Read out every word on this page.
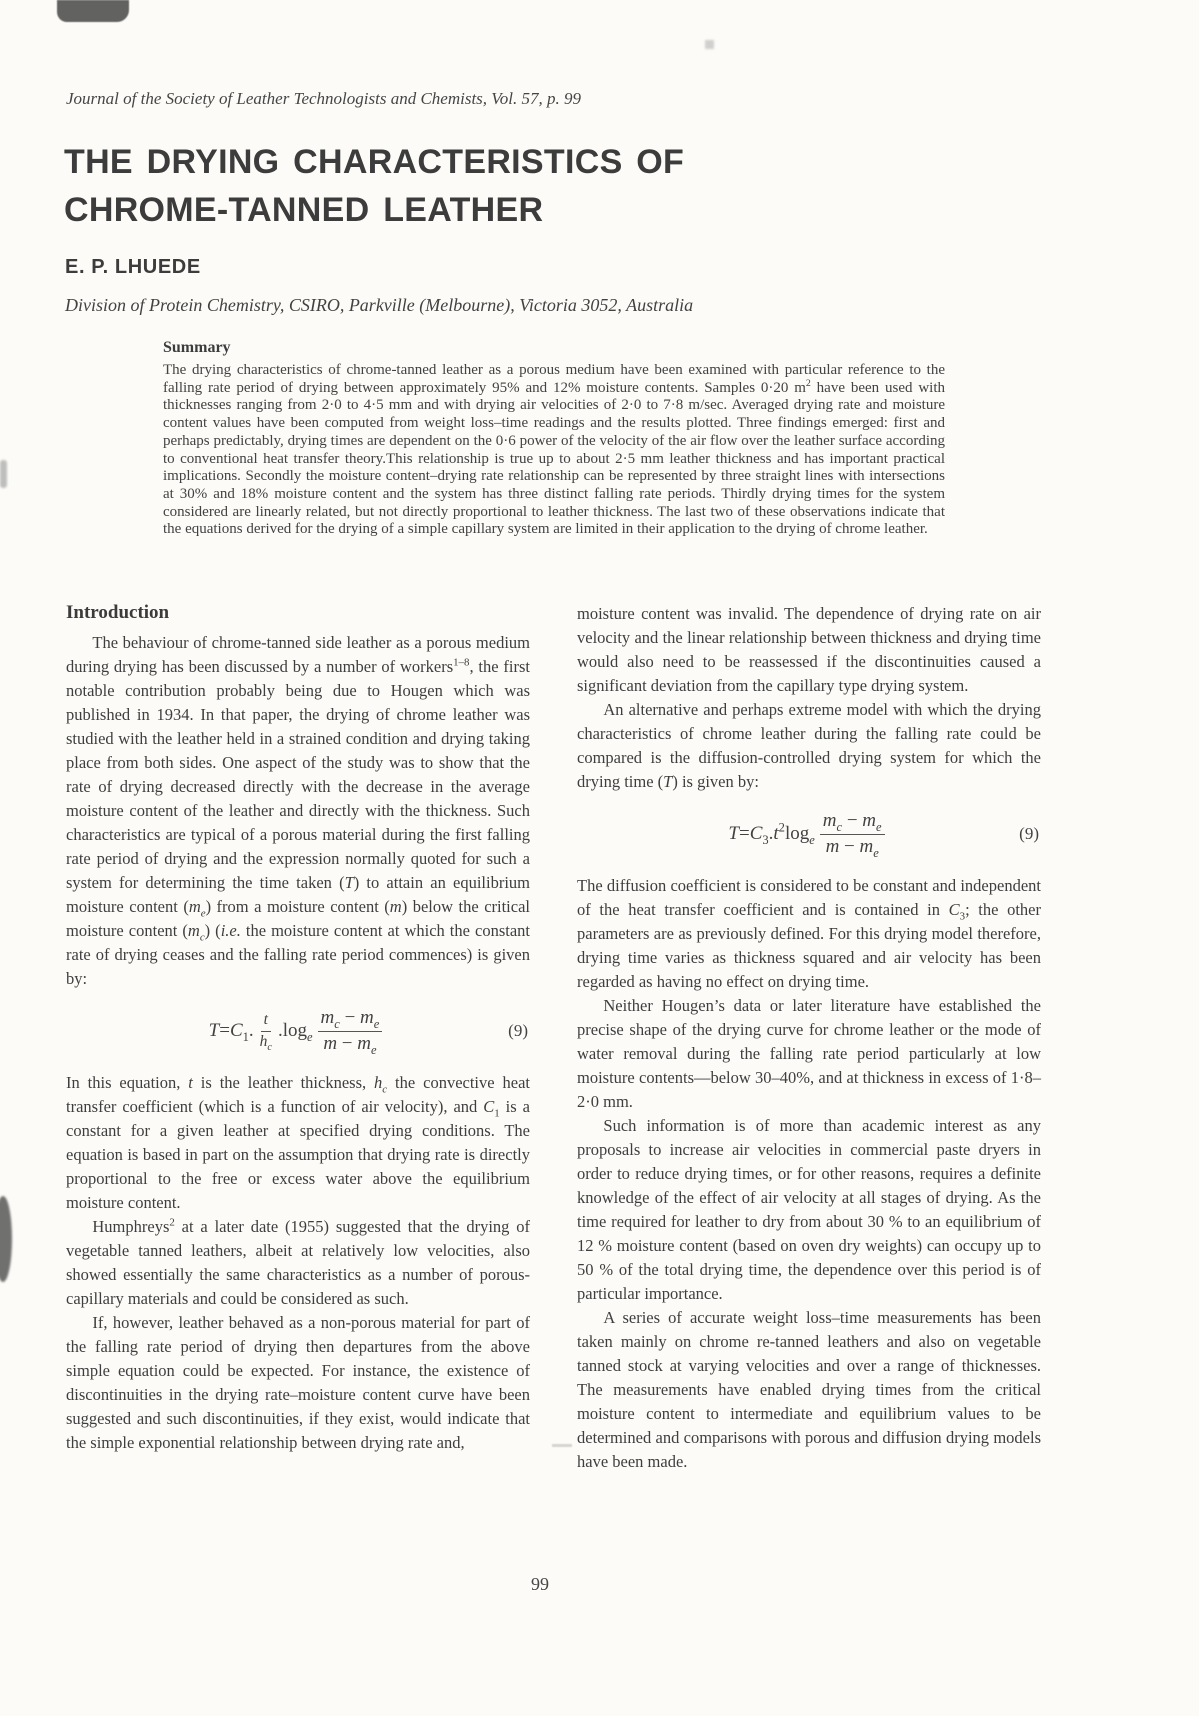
Journal of the Society of Leather Technologists and Chemists, Vol. 57, p. 99
THE DRYING CHARACTERISTICS OF
CHROME-TANNED LEATHER
E. P. LHUEDE
Division of Protein Chemistry, CSIRO, Parkville (Melbourne), Victoria 3052, Australia
Summary

The drying characteristics of chrome-tanned leather as a porous medium have been examined with particular reference to the falling rate period of drying between approximately 95% and 12% moisture contents. Samples 0·20 $m^2$ have been used with thicknesses ranging from 2·0 to 4·5 mm and with drying air velocities of 2·0 to 7·8 m/sec. Averaged drying rate and moisture content values have been computed from weight loss–time readings and the results plotted. Three findings emerged: first and perhaps predictably, drying times are dependent on the 0·6 power of the velocity of the air flow over the leather surface according to conventional heat transfer theory.This relationship is true up to about 2·5 mm leather thickness and has important practical implications. Secondly the moisture content–drying rate relationship can be represented by three straight lines with intersections at 30% and 18% moisture content and the system has three distinct falling rate periods. Thirdly drying times for the system considered are linearly related, but not directly proportional to leather thickness. The last two of these observations indicate that the equations derived for the drying of a simple capillary system are limited in their application to the drying of chrome leather.

Introduction

The behaviour of chrome-tanned side leather as a porous medium during drying has been discussed by a number of workers$^{1-8}$, the first notable contribution probably being due to Hougen which was published in 1934. In that paper, the drying of chrome leather was studied with the leather held in a strained condition and drying taking place from both sides. One aspect of the study was to show that the rate of drying decreased directly with the decrease in the average moisture content of the leather and directly with the thickness. Such characteristics are typical of a porous material during the first falling rate period of drying and the expression normally quoted for such a system for determining the time taken (T) to attain an equilibrium moisture content $(m_e)$ from a moisture content (m) below the critical moisture content $(m_c)$ (i.e. the moisture content at which the constant rate of drying ceases and the falling rate period commences) is given by:

$T=C_1$. $\frac{t}{h_c} .\log_e \frac{m_c - m_e}{m - m_e}$	(9)

In this equation, t is the leather thickness, $h_c$ the convective heat transfer coefficient (which is a function of air velocity), and $C_1$ is a constant for a given leather at specified drying conditions. The equation is based in part on the assumption that drying rate is directly proportional to the free or excess water above the equilibrium moisture content.

Humphreys$^2$ at a later date (1955) suggested that the drying of vegetable tanned leathers, albeit at relatively low velocities, also showed essentially the same characteristics as a number of porous-capillary materials and could be considered as such.

If, however, leather behaved as a non-porous material for part of the falling rate period of drying then departures from the above simple equation could be expected. For instance, the existence of discontinuities in the drying rate–moisture content curve have been suggested and such discontinuities, if they exist, would indicate that the simple exponential relationship between drying rate and,

moisture content was invalid. The dependence of drying rate on air velocity and the linear relationship between thickness and drying time would also need to be reassessed if the discontinuities caused a significant deviation from the capillary type drying system.

An alternative and perhaps extreme model with which the drying characteristics of chrome leather during the falling rate could be compared is the diffusion-controlled drying system for which the drying time (T) is given by:

$T=C_3.t^2\log_e \frac{m_c - m_e}{m - m_e}$	(9)

The diffusion coefficient is considered to be constant and independent of the heat transfer coefficient and is contained in $C_3$; the other parameters are as previously defined. For this drying model therefore, drying time varies as thickness squared and air velocity has been regarded as having no effect on drying time.

Neither Hougen’s data or later literature have established the precise shape of the drying curve for chrome leather or the mode of water removal during the falling rate period particularly at low moisture contents—below 30–40%, and at thickness in excess of 1·8–2·0 mm.

Such information is of more than academic interest as any proposals to increase air velocities in commercial paste dryers in order to reduce drying times, or for other reasons, requires a definite knowledge of the effect of air velocity at all stages of drying. As the time required for leather to dry from about 30 % to an equilibrium of 12 % moisture content (based on oven dry weights) can occupy up to 50 % of the total drying time, the dependence over this period is of particular importance.

A series of accurate weight loss–time measurements has been taken mainly on chrome re-tanned leathers and also on vegetable tanned stock at varying velocities and over a range of thicknesses. The measurements have enabled drying times from the critical moisture content to intermediate and equilibrium values to be determined and comparisons with porous and diffusion drying models have been made.

99
